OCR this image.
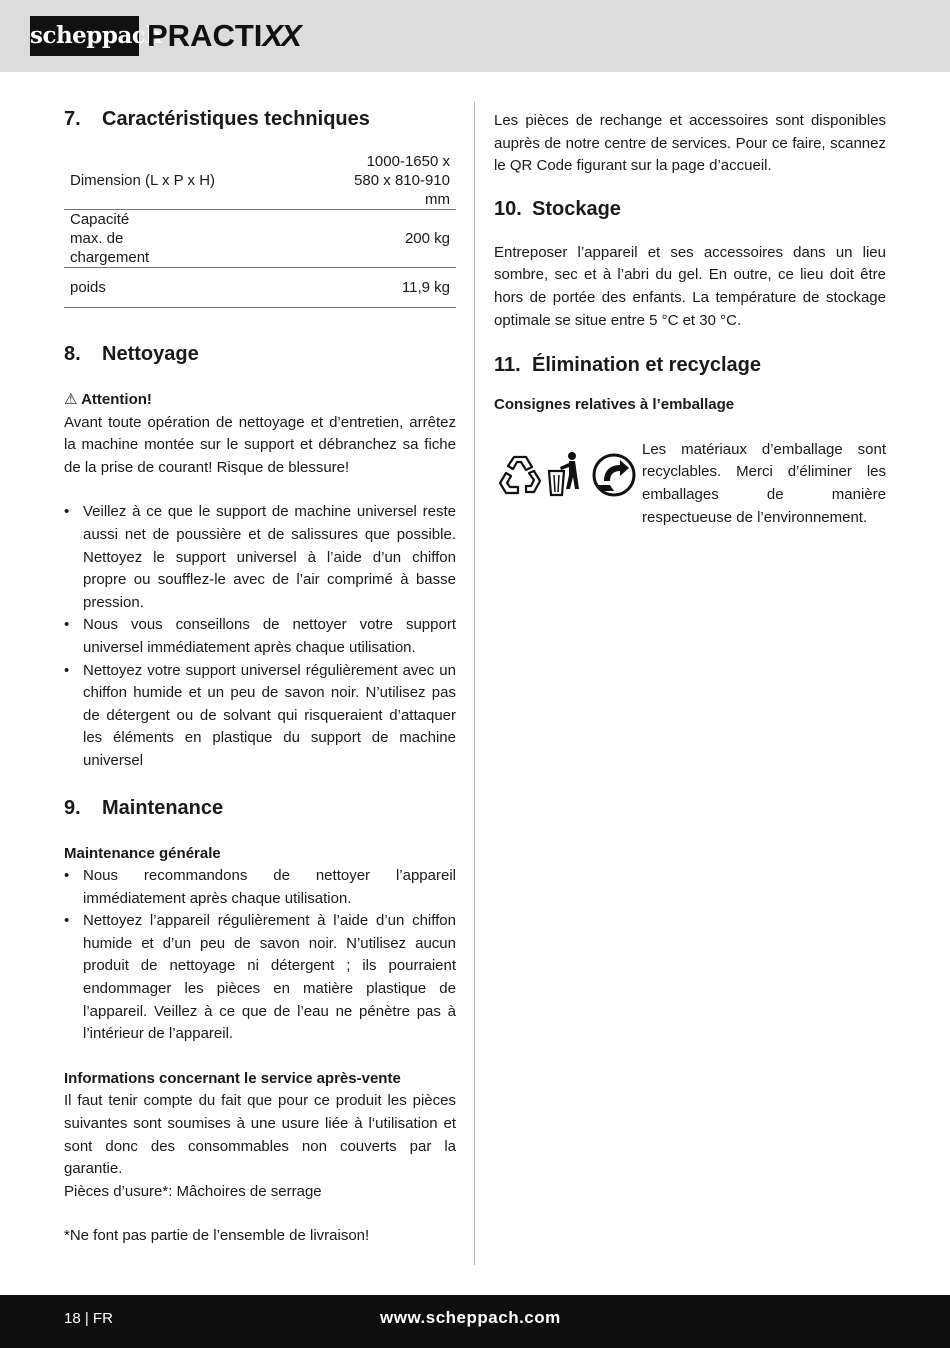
scheppach
PRACTIXX
7. Caractéristiques techniques
Dimension (L x P x H)	1000-1650 x 580 x 810-910 mm
Capacité max. de chargement	200 kg
poids	11,9 kg
8. Nettoyage

⚠ Attention!

Avant toute opération de nettoyage et d’entretien, arrêtez la machine montée sur le support et débranchez sa fiche de la prise de courant! Risque de blessure!

• Veillez à ce que le support de machine universel reste aussi net de poussière et de salissures que possible. Nettoyez le support universel à l’aide d’un chiffon propre ou soufflez-le avec de l’air comprimé à basse pression.
• Nous vous conseillons de nettoyer votre support universel immédiatement après chaque utilisation.
• Nettoyez votre support universel régulièrement avec un chiffon humide et un peu de savon noir. N’utilisez pas de détergent ou de solvant qui risqueraient d’attaquer les éléments en plastique du support de machine universel
9. Maintenance

Maintenance générale

• Nous recommandons de nettoyer l’appareil immédiatement après chaque utilisation.
• Nettoyez l’appareil régulièrement à l’aide d’un chiffon humide et d’un peu de savon noir. N’utilisez aucun produit de nettoyage ni détergent ; ils pourraient endommager les pièces en matière plastique de l’appareil. Veillez à ce que de l’eau ne pénètre pas à l’intérieur de l’appareil.

Informations concernant le service après-vente

Il faut tenir compte du fait que pour ce produit les pièces suivantes sont soumises à une usure liée à l‘utilisation et sont donc des consommables non couverts par la garantie.

Pièces d’usure*: Mâchoires de serrage

*Ne font pas partie de l’ensemble de livraison!

Les pièces de rechange et accessoires sont disponibles auprès de notre centre de services. Pour ce faire, scannez le QR Code figurant sur la page d’accueil.

10. Stockage

Entreposer l’appareil et ses accessoires dans un lieu sombre, sec et à l’abri du gel. En outre, ce lieu doit être hors de portée des enfants. La température de stockage optimale se situe entre 5 °C et 30 °C.

11. Élimination et recyclage

Consignes relatives à l’emballage

Les matériaux d’emballage sont recyclables. Merci d’éliminer les emballages de manière respectueuse de l’environnement.

18 | FR	www.scheppach.com
